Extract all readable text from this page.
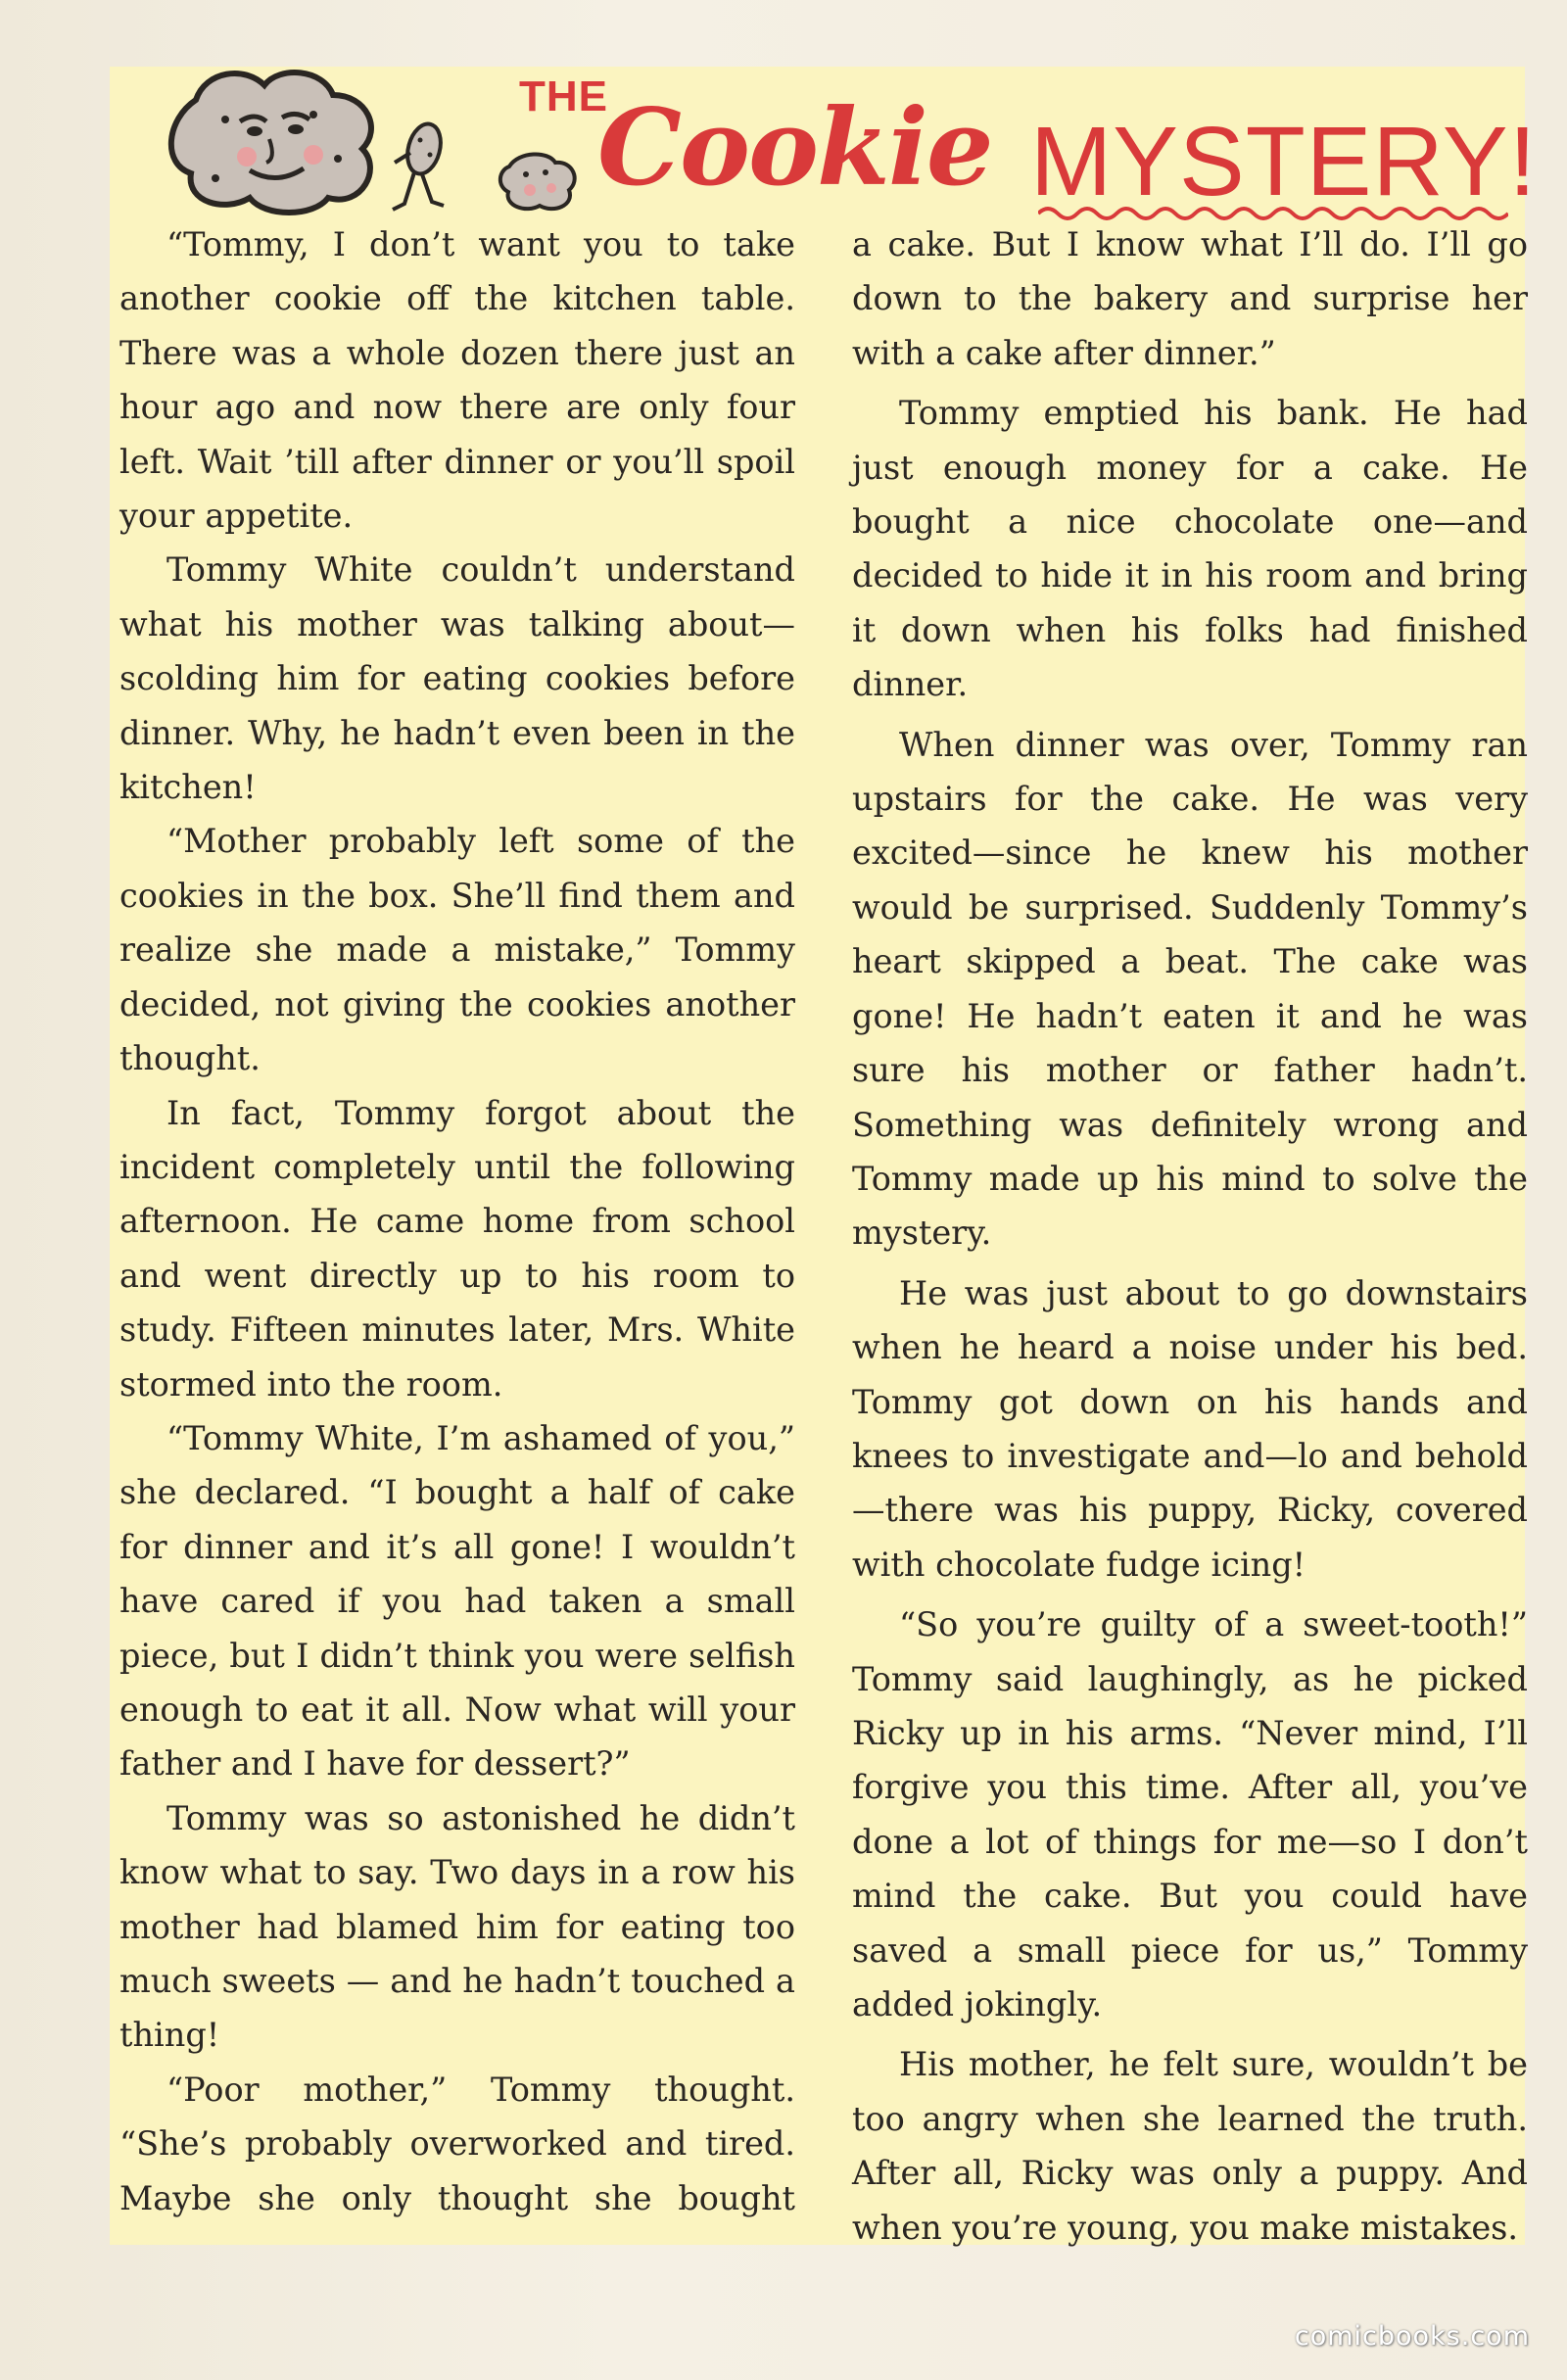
THE
Cookie MYSTERY!

“Tommy, I don’t want you to take another cookie off the kitchen table. There was a whole dozen there just an hour ago and now there are only four left. Wait ’till after dinner or you’ll spoil your appetite.

Tommy White couldn’t understand what his mother was talking about—scolding him for eating cookies before dinner. Why, he hadn’t even been in the kitchen!

“Mother probably left some of the cookies in the box. She’ll find them and realize she made a mistake,” Tommy decided, not giving the cookies another thought.

In fact, Tommy forgot about the incident completely until the following afternoon. He came home from school and went directly up to his room to study. Fifteen minutes later, Mrs. White stormed into the room.

“Tommy White, I’m ashamed of you,” she declared. “I bought a half of cake for dinner and it’s all gone! I wouldn’t have cared if you had taken a small piece, but I didn’t think you were selfish enough to eat it all. Now what will your father and I have for dessert?”

Tommy was so astonished he didn’t know what to say. Two days in a row his mother had blamed him for eating too much sweets — and he hadn’t touched a thing!

“Poor mother,” Tommy thought. “She’s probably overworked and tired. Maybe she only thought she bought

a cake. But I know what I’ll do. I’ll go down to the bakery and surprise her with a cake after dinner.”

Tommy emptied his bank. He had just enough money for a cake. He bought a nice chocolate one—and decided to hide it in his room and bring it down when his folks had finished dinner.

When dinner was over, Tommy ran upstairs for the cake. He was very excited—since he knew his mother would be surprised. Suddenly Tommy’s heart skipped a beat. The cake was gone! He hadn’t eaten it and he was sure his mother or father hadn’t. Something was definitely wrong and Tommy made up his mind to solve the mystery.

He was just about to go downstairs when he heard a noise under his bed. Tommy got down on his hands and knees to investigate and—lo and behold —there was his puppy, Ricky, covered with chocolate fudge icing!

“So you’re guilty of a sweet-tooth!” Tommy said laughingly, as he picked Ricky up in his arms. “Never mind, I’ll forgive you this time. After all, you’ve done a lot of things for me—so I don’t mind the cake. But you could have saved a small piece for us,” Tommy added jokingly.

His mother, he felt sure, wouldn’t be too angry when she learned the truth. After all, Ricky was only a puppy. And when you’re young, you make mistakes.

comicbooks.com
